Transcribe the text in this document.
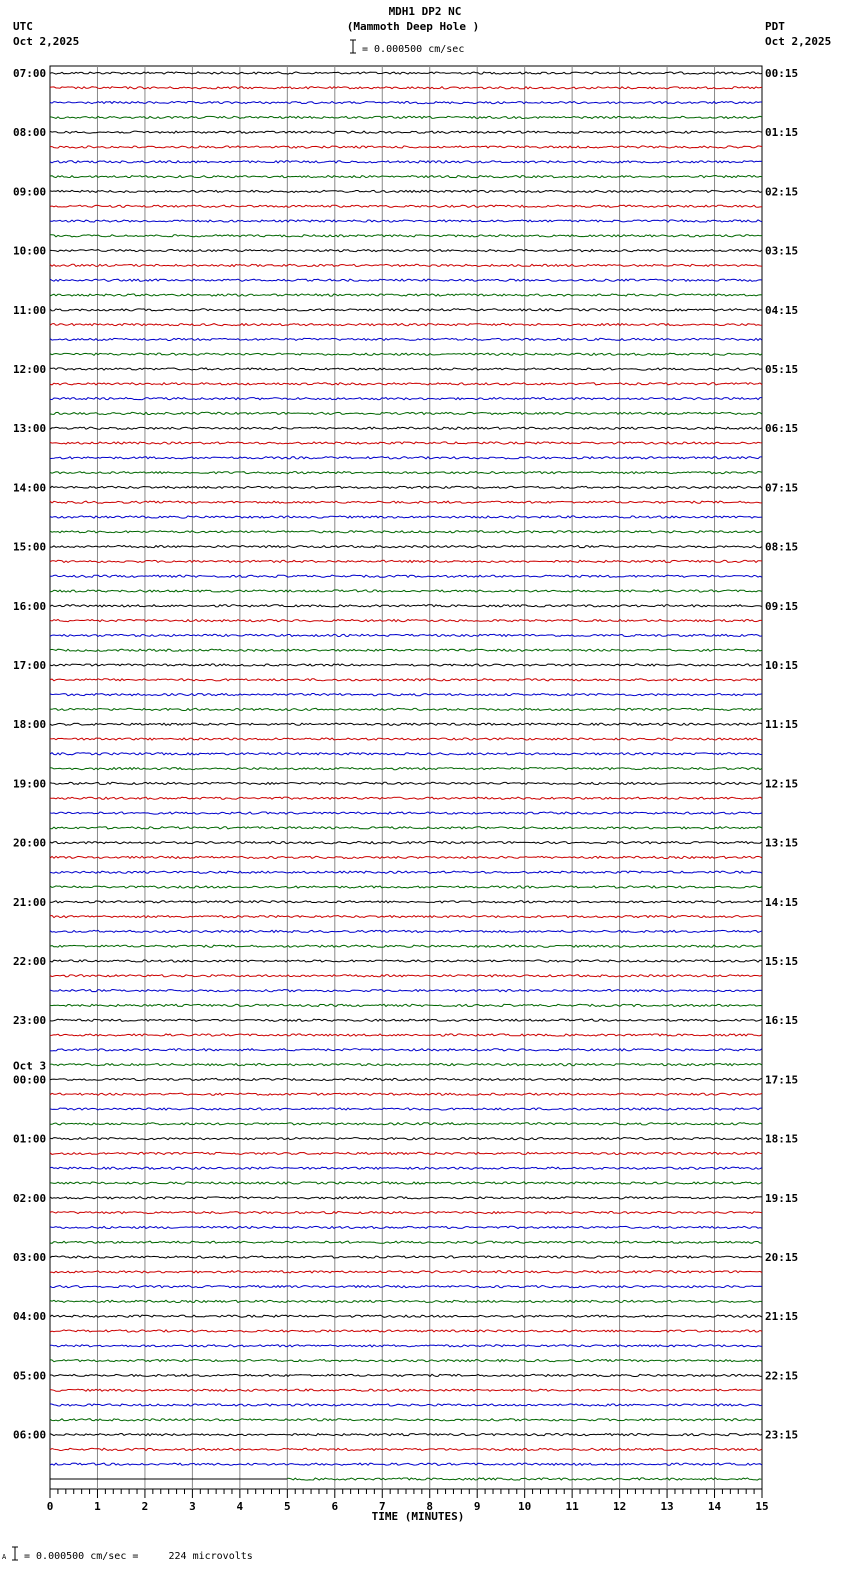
07:00
08:00
09:00
10:00
11:00
12:00
13:00
14:00
15:00
16:00
17:00
18:00
19:00
20:00
21:00
22:00
23:00
00:00
Oct 3
01:00
02:00
03:00
04:00
05:00
06:00
00:15
01:15
02:15
03:15
04:15
05:15
06:15
07:15
08:15
09:15
10:15
11:15
12:15
13:15
14:15
15:15
16:15
17:15
18:15
19:15
20:15
21:15
22:15
23:15
0	1	2	3	4	5	6	7	8	9	10	11	12	13	14	15
MDH1 DP2 NC
(Mammoth Deep Hole )
= 0.000500 cm/sec
UTC
Oct 2,2025
PDT
Oct 2,2025
TIME (MINUTES)
A = 0.000500 cm/sec =     224 microvolts
